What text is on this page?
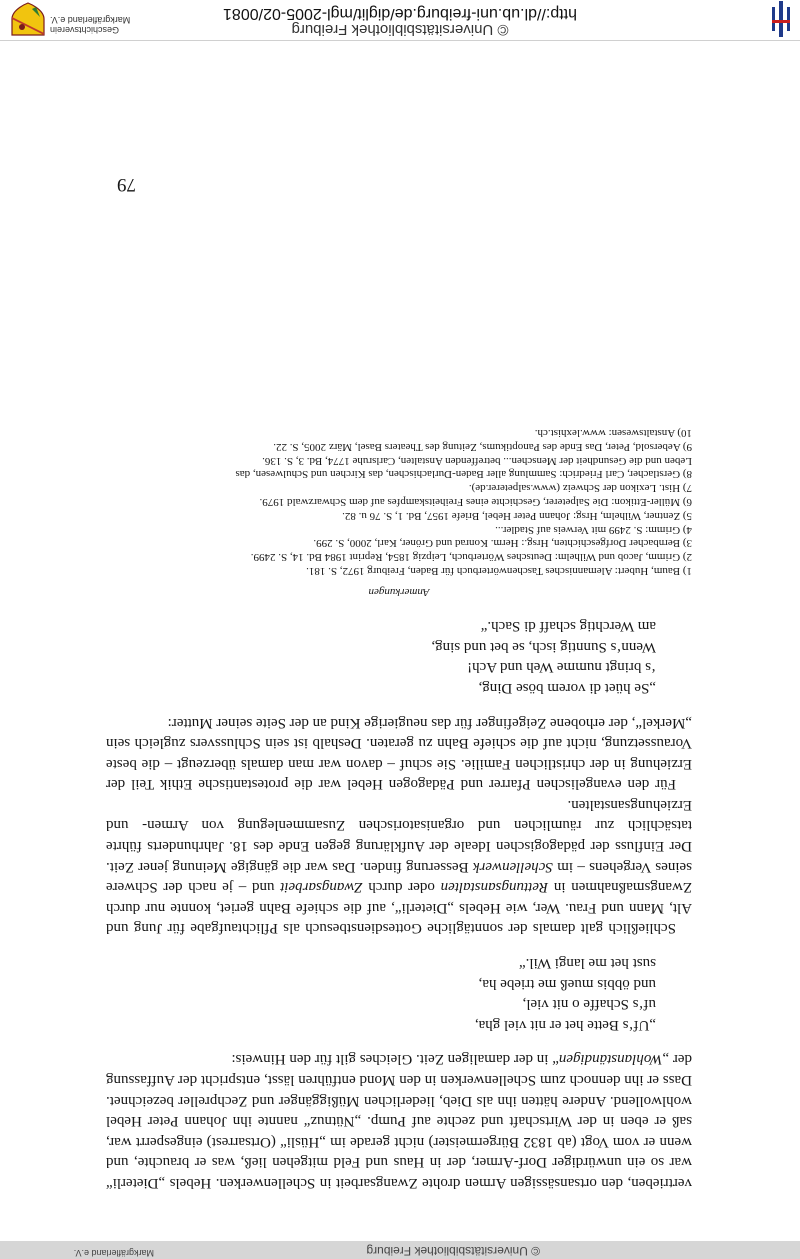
© Universitätsbibliothek Freiburg
Markgräflerland e.V.

vertrieben, den ortsansässigen Armen drohte Zwangsarbeit in Schellenwerken. Hebels „Dieterli“ war so ein unwürdiger Dorf-Armer, der in Haus und Feld mitgehen ließ, was er brauchte, und wenn er vom Vogt (ab 1832 Bürgermeister) nicht gerade im „Hüsli“ (Ortsarrest) eingesperrt war, saß er eben in der Wirtschaft und zechte auf Pump. „Nütnuz“ nannte ihn Johann Peter Hebel wohlwollend. Andere hätten ihn als Dieb, liederlichen Müßiggänger und Zechpreller bezeichnet. Dass er ihn dennoch zum Schellenwerken in den Mond entführen lässt, entspricht der Auffassung der „Wohlanständigen“ in der damaligen Zeit. Gleiches gilt für den Hinweis:

„Uf‘s Bette het er nit viel gha,
uf‘s Schaffe o nit viel,
und öbbis mueß me triebe ha,
sust het me langi Wil.“

Schließlich galt damals der sonntägliche Gottesdienstbesuch als Pflichtaufgabe für Jung und Alt, Mann und Frau. Wer, wie Hebels „Dieterli“, auf die schiefe Bahn geriet, konnte nur durch Zwangsmaßnahmen in Rettungsanstalten oder durch Zwangsarbeit und – je nach der Schwere seines Vergehens – im Schellenwerk Besserung finden. Das war die gängige Meinung jener Zeit. Der Einfluss der pädagogischen Ideale der Aufklärung gegen Ende des 18. Jahrhunderts führte tatsächlich zur räumlichen und organisatorischen Zusammenlegung von Armen- und Erziehungsanstalten.

Für den evangelischen Pfarrer und Pädagogen Hebel war die protestantische Ethik Teil der Erziehung in der christlichen Familie. Sie schuf – davon war man damals überzeugt – die beste Voraussetzung, nicht auf die schiefe Bahn zu geraten. Deshalb ist sein Schlussvers zugleich sein „Merkel“, der erhobene Zeigefinger für das neugierige Kind an der Seite seiner Mutter:

„Se hüet di vorem böse Ding,
‘s bringt numme Weh und Ach!
Wenn‘s Sunntig isch, se bet und sing,
am Werchtig schaff di Sach.“
Anmerkungen
1) Baum, Hubert: Alemannisches Taschenwörterbuch für Baden, Freiburg 1972, S. 181.
2) Grimm, Jacob und Wilhelm: Deutsches Wörterbuch, Leipzig 1854, Reprint 1984 Bd. 14, S. 2499.
3) Bernbacher Dorfgeschichten, Hrsg.: Herm. Konrad und Gröner, Karl, 2000, S. 299.
4) Grimm: S. 2499 mit Verweis auf Stadler...
5) Zentner, Wilhelm, Hrsg: Johann Peter Hebel, Briefe 1957, Bd. 1, S. 76 u. 82.
6) Müller-Ettikon: Die Salpeterer, Geschichte eines Freiheitskampfes auf dem Schwarzwald 1979.
7) Hist. Lexikon der Schweiz (www.salpeterer.de).
8) Gerstlacher, Carl Friedrich: Sammlung aller Baden-Durlachischen, das Kirchen und Schulwesen, das
Leben und die Gesundheit der Menschen... betreffenden Anstalten, Carlsruhe 1774, Bd. 3, S. 136.
9) Aebersold, Peter, Das Ende des Panoptikums, Zeitung des Theaters Basel, März 2005, S. 22.
10) Anstaltswesen: www.lexhist.ch.
79
© Universitätsbibliothek Freiburg
http://dl.ub.uni-freiburg.de/diglit/mgl-2005-02/0081
Geschichtsverein
Markgräflerland e.V.
